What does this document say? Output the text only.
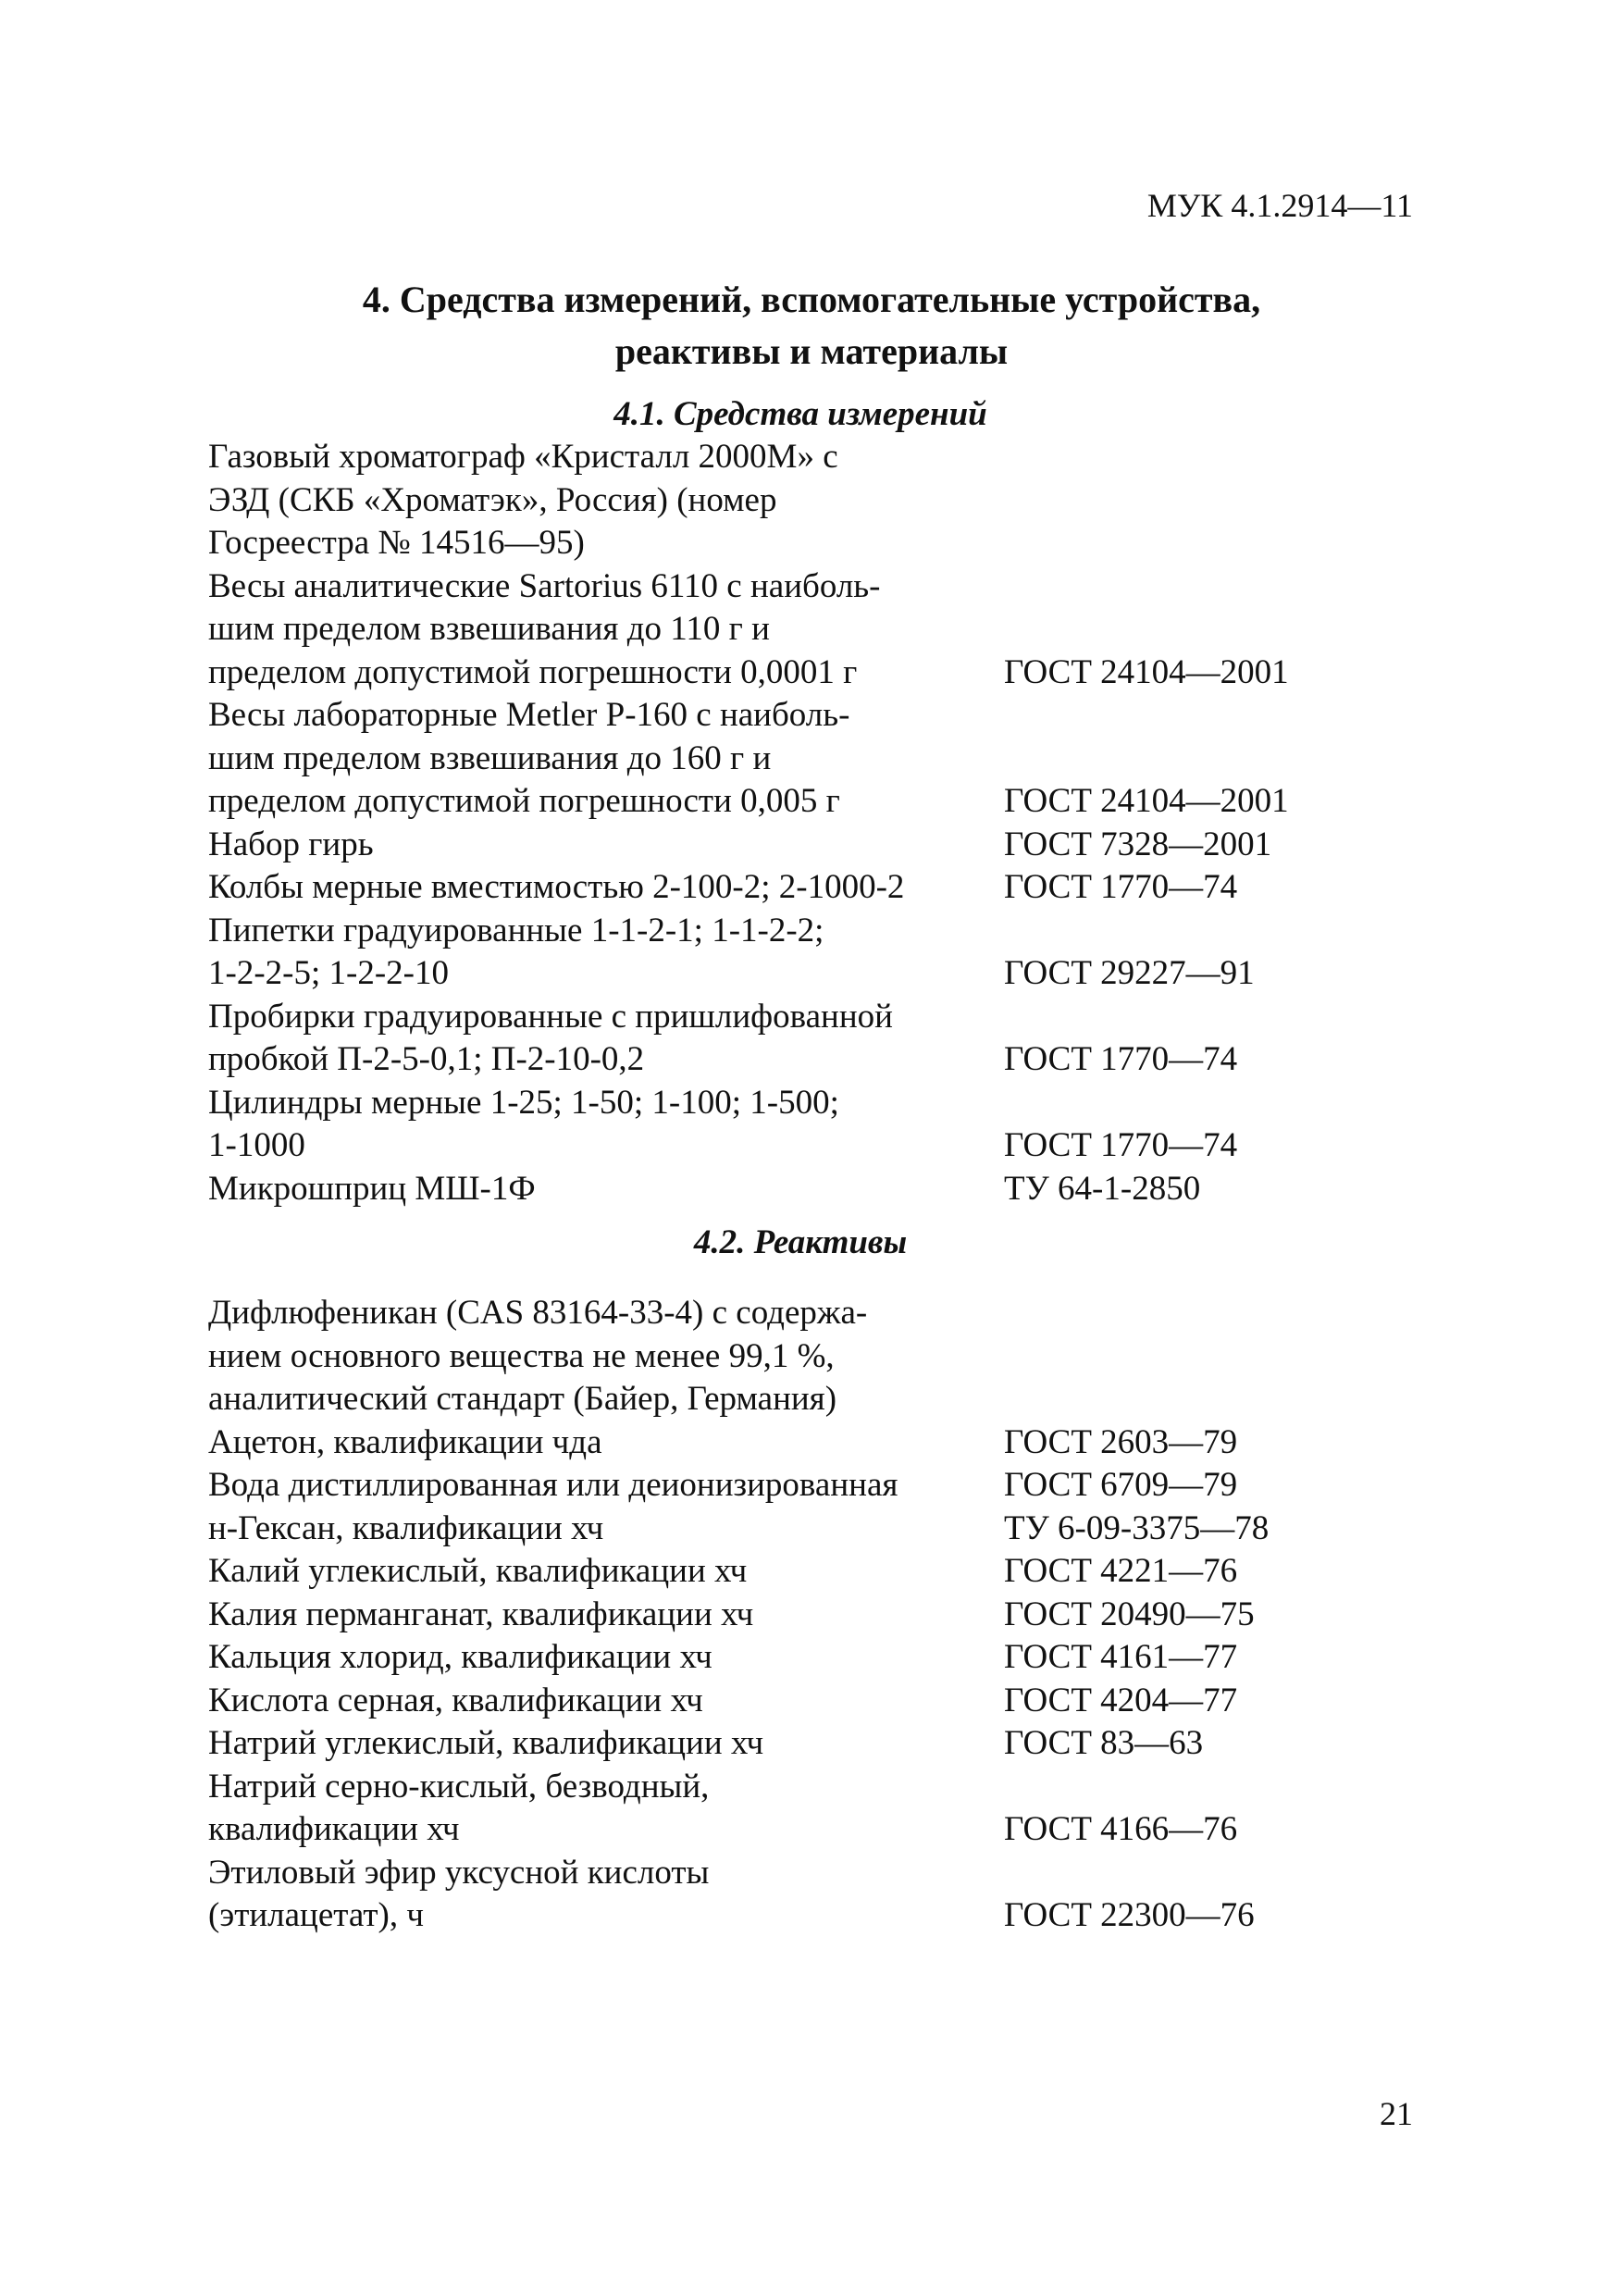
МУК 4.1.2914—11
4. Средства измерений, вспомогательные устройства,
реактивы и материалы
4.1. Средства измерений
Газовый хроматограф «Кристалл 2000М» с
ЭЗД (СКБ «Хроматэк», Россия) (номер
Госреестра № 14516—95)
Весы аналитические Sartorius 6110 с наиболь-
шим пределом взвешивания до 110 г и
пределом допустимой погрешности 0,0001 г	ГОСТ 24104—2001
Весы лабораторные Metler P-160 с наиболь-
шим пределом взвешивания до 160 г и
пределом допустимой погрешности 0,005 г	ГОСТ 24104—2001
Набор гирь	ГОСТ 7328—2001
Колбы мерные вместимостью 2-100-2; 2-1000-2	ГОСТ 1770—74
Пипетки градуированные 1-1-2-1; 1-1-2-2;
1-2-2-5; 1-2-2-10	ГОСТ 29227—91
Пробирки градуированные с пришлифованной
пробкой П-2-5-0,1; П-2-10-0,2	ГОСТ 1770—74
Цилиндры мерные 1-25; 1-50; 1-100; 1-500;
1-1000	ГОСТ 1770—74
Микрошприц МШ-1Ф	ТУ 64-1-2850
4.2. Реактивы
Дифлюфеникан (CAS 83164-33-4) с содержа-
нием основного вещества не менее 99,1 %,
аналитический стандарт (Байер, Германия)
Ацетон, квалификации чда	ГОСТ 2603—79
Вода дистиллированная или деионизированная	ГОСТ 6709—79
н-Гексан, квалификации хч	ТУ 6-09-3375—78
Калий углекислый, квалификации хч	ГОСТ 4221—76
Калия перманганат, квалификации хч	ГОСТ 20490—75
Кальция хлорид, квалификации хч	ГОСТ 4161—77
Кислота серная, квалификации хч	ГОСТ 4204—77
Натрий углекислый, квалификации хч	ГОСТ 83—63
Натрий серно-кислый, безводный,
квалификации хч	ГОСТ 4166—76
Этиловый эфир уксусной кислоты
(этилацетат), ч	ГОСТ 22300—76
21
